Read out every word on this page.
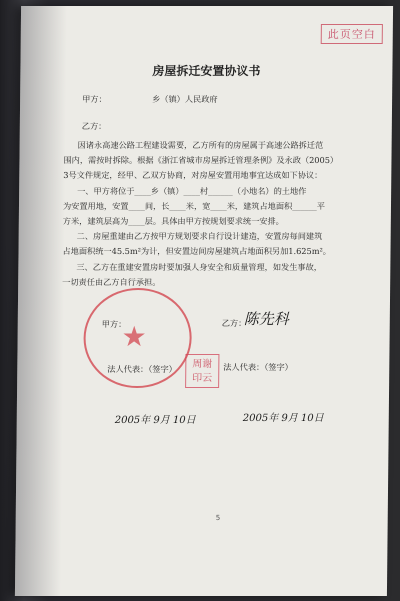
此页空白
房屋拆迁安置协议书
甲方：	乡（镇）人民政府
乙方：
因诸永高速公路工程建设需要，乙方所有的房屋属于高速公路拆迁范
围内，需按时拆除。根据《浙江省城市房屋拆迁管理条例》及永政（2005）
3号文件规定，经甲、乙双方协商，对房屋安置用地事宜达成如下协议：
一、甲方将位于____乡（镇）____村______（小地名）的土地作
为安置用地，安置____间，长____米，宽____米，建筑占地面积______平
方米，建筑层高为____层。具体由甲方按规划要求统一安排。
二、房屋重建由乙方按甲方规划要求自行设计建造，安置房每间建筑
占地面积统一45.5m²为计，但安置边间房屋建筑占地面积另加1.625m²。
三、乙方在重建安置房时要加强人身安全和质量管理，如发生事故，
一切责任由乙方自行承担。
★
甲方：	乙方：
陈先科
法人代表：（签字）	周谢 印云
法人代表：（签字）
2005年 9月 10日	2005年 9月 10日
5
